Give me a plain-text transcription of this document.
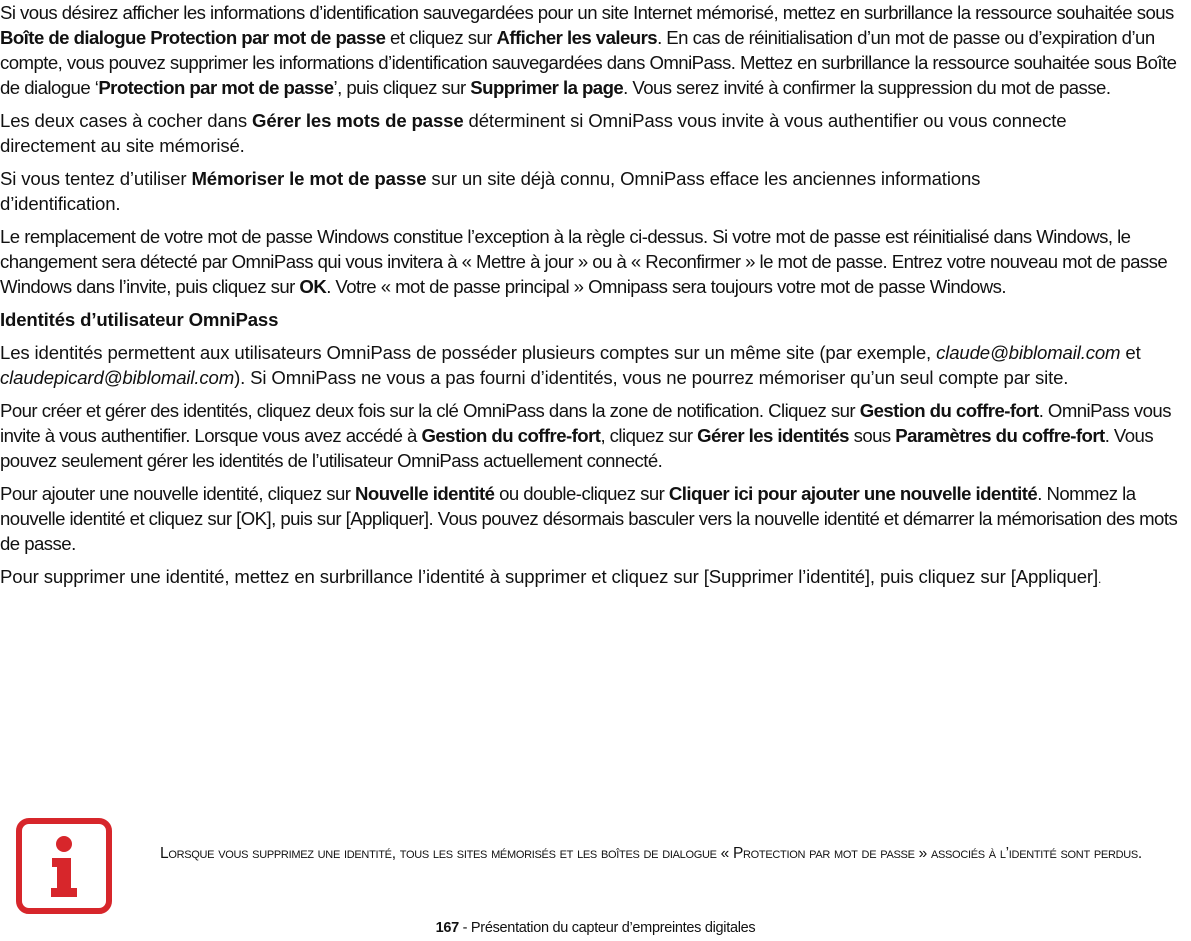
Si vous désirez afficher les informations d’identification sauvegardées pour un site Internet mémorisé, mettez en surbrillance la ressource souhaitée sous Boîte de dialogue Protection par mot de passe et cliquez sur Afficher les valeurs. En cas de réinitialisation d’un mot de passe ou d’expiration d’un compte, vous pouvez supprimer les informations d’identification sauvegardées dans OmniPass. Mettez en surbrillance la ressource souhaitée sous Boîte de dialogue ‘Protection par mot de passe’, puis cliquez sur Supprimer la page. Vous serez invité à confirmer la suppression du mot de passe.

Les deux cases à cocher dans Gérer les mots de passe déterminent si OmniPass vous invite à vous authentifier ou vous connecte directement au site mémorisé.

Si vous tentez d’utiliser Mémoriser le mot de passe sur un site déjà connu, OmniPass efface les anciennes informations d’identification.

Le remplacement de votre mot de passe Windows constitue l’exception à la règle ci-dessus. Si votre mot de passe est réinitialisé dans Windows, le changement sera détecté par OmniPass qui vous invitera à « Mettre à jour » ou à « Reconfirmer » le mot de passe. Entrez votre nouveau mot de passe Windows dans l’invite, puis cliquez sur OK. Votre « mot de passe principal » Omnipass sera toujours votre mot de passe Windows.

Identités d’utilisateur OmniPass

Les identités permettent aux utilisateurs OmniPass de posséder plusieurs comptes sur un même site (par exemple, claude@biblomail.com et claudepicard@biblomail.com). Si OmniPass ne vous a pas fourni d’identités, vous ne pourrez mémoriser qu’un seul compte par site.

Pour créer et gérer des identités, cliquez deux fois sur la clé OmniPass dans la zone de notification. Cliquez sur Gestion du coffre-fort. OmniPass vous invite à vous authentifier. Lorsque vous avez accédé à Gestion du coffre-fort, cliquez sur Gérer les identités sous Paramètres du coffre-fort. Vous pouvez seulement gérer les identités de l’utilisateur OmniPass actuellement connecté.

Pour ajouter une nouvelle identité, cliquez sur Nouvelle identité ou double-cliquez sur Cliquer ici pour ajouter une nouvelle identité. Nommez la nouvelle identité et cliquez sur [OK], puis sur [Appliquer]. Vous pouvez désormais basculer vers la nouvelle identité et démarrer la mémorisation des mots de passe.

Pour supprimer une identité, mettez en surbrillance l’identité à supprimer et cliquez sur [Supprimer l’identité], puis cliquez sur [Appliquer].

Lorsque vous supprimez une identité, tous les sites mémorisés et les boîtes de dialogue « Protection par mot de passe » associés à l’identité sont perdus.
167 - Présentation du capteur d’empreintes digitales
